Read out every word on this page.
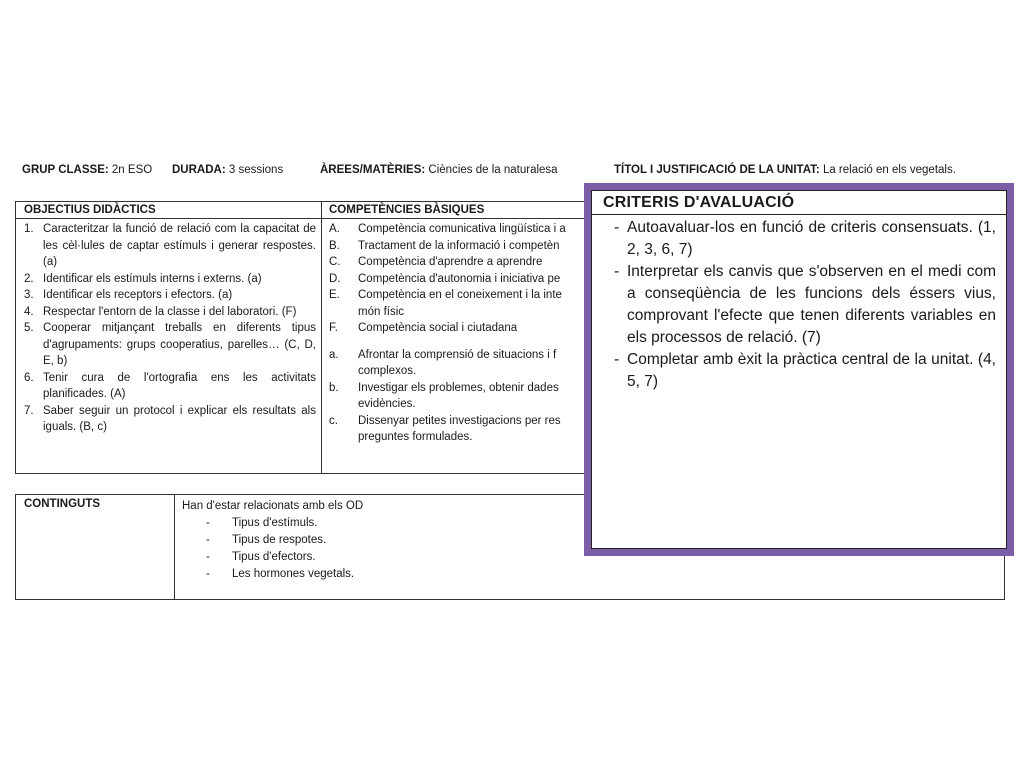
GRUP CLASSE: 2n ESO DURADA: 3 sessions	ÀREES/MATÈRIES: Ciències de la naturalesa	TÍTOL I JUSTIFICACIÓ DE LA UNITAT: La relació en els vegetals.
OBJECTIUS DIDÀCTICS	COMPETÈNCIES BÀSIQUES
1. Caracteritzar la funció de relació com la capacitat de les cèl·lules de captar estímuls i generar respostes. (a)
2. Identificar els estímuls interns i externs. (a)
3. Identificar els receptors i efectors. (a)
4. Respectar l'entorn de la classe i del laboratori. (F)
5. Cooperar mitjançant treballs en diferents tipus d'agrupaments: grups cooperatius, parelles… (C, D, E, b)
6. Tenir cura de l'ortografia ens les activitats planificades. (A)
7. Saber seguir un protocol i explicar els resultats als iguals. (B, c)
A.	Competència comunicativa lingüística i a
B.	Tractament de la informació i competèn
C.	Competència d'aprendre a aprendre
D.	Competència d'autonomia i iniciativa pe
E.	Competència en el coneixement i la inte
món físic
F.	Competència social i ciutadana
a.	Afrontar la comprensió de situacions i f
complexos.
b.	Investigar els problemes, obtenir dades
evidències.
c.	Dissenyar petites investigacions per res
preguntes formulades.
CONTINGUTS	Han d'estar relacionats amb els OD
-	Tipus d'estímuls.
-	Tipus de respotes.
-	Tipus d'efectors.
-	Les hormones vegetals.
CRITERIS D'AVALUACIÓ
- Autoavaluar-los en funció de criteris consensuats. (1, 2, 3, 6, 7)
- Interpretar els canvis que s'observen en el medi com a conseqüència de les funcions dels éssers vius, comprovant l'efecte que tenen diferents variables en els processos de relació. (7)
- Completar amb èxit la pràctica central de la unitat. (4, 5, 7)
